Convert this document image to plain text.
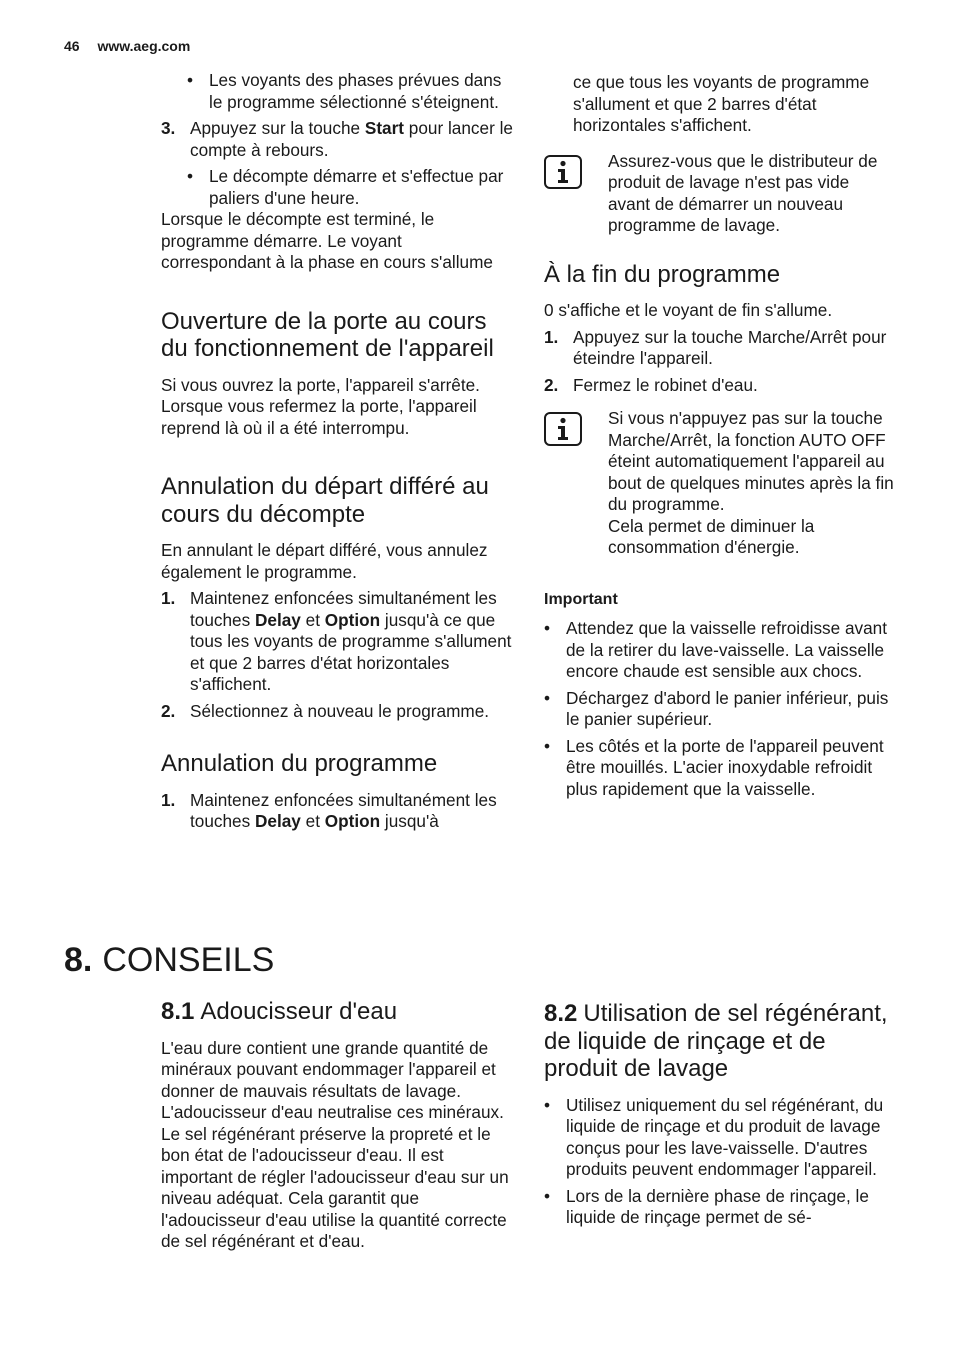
46 www.aeg.com
• Les voyants des phases prévues dans le programme sélectionné s'éteignent.
3. Appuyez sur la touche Start pour lancer le compte à rebours.
• Le décompte démarre et s'effectue par paliers d'une heure.

Lorsque le décompte est terminé, le programme démarre. Le voyant correspondant à la phase en cours s'allume

Ouverture de la porte au cours du fonctionnement de l'appareil

Si vous ouvrez la porte, l'appareil s'arrête. Lorsque vous refermez la porte, l'appareil reprend là où il a été interrompu.

Annulation du départ différé au cours du décompte

En annulant le départ différé, vous annulez également le programme.

1. Maintenez enfoncées simultanément les touches Delay et Option jusqu'à ce que tous les voyants de programme s'allument et que 2 barres d'état horizontales s'affichent.
2. Sélectionnez à nouveau le programme.
Annulation du programme
1. Maintenez enfoncées simultanément les touches Delay et Option jusqu'à

ce que tous les voyants de programme s'allument et que 2 barres d'état horizontales s'affichent.

Assurez-vous que le distributeur de produit de lavage n'est pas vide avant de démarrer un nouveau programme de lavage.

À la fin du programme

0 s'affiche et le voyant de fin s'allume.

1. Appuyez sur la touche Marche/Arrêt pour éteindre l'appareil.
2. Fermez le robinet d'eau.

Si vous n'appuyez pas sur la touche Marche/Arrêt, la fonction AUTO OFF éteint automatiquement l'appareil au bout de quelques minutes après la fin du programme.

Cela permet de diminuer la consommation d'énergie.

Important
• Attendez que la vaisselle refroidisse avant de la retirer du lave-vaisselle. La vaisselle encore chaude est sensible aux chocs.
• Déchargez d'abord le panier inférieur, puis le panier supérieur.
• Les côtés et la porte de l'appareil peuvent être mouillés. L'acier inoxydable refroidit plus rapidement que la vaisselle.
8. CONSEILS
8.1 Adoucisseur d'eau

L'eau dure contient une grande quantité de minéraux pouvant endommager l'appareil et donner de mauvais résultats de lavage. L'adoucisseur d'eau neutralise ces minéraux.

Le sel régénérant préserve la propreté et le bon état de l'adoucisseur d'eau. Il est important de régler l'adoucisseur d'eau sur un niveau adéquat. Cela garantit que l'adoucisseur d'eau utilise la quantité correcte de sel régénérant et d'eau.

8.2 Utilisation de sel régénérant, de liquide de rinçage et de produit de lavage
• Utilisez uniquement du sel régénérant, du liquide de rinçage et du produit de lavage conçus pour les lave-vaisselle. D'autres produits peuvent endommager l'appareil.
• Lors de la dernière phase de rinçage, le liquide de rinçage permet de sé-
